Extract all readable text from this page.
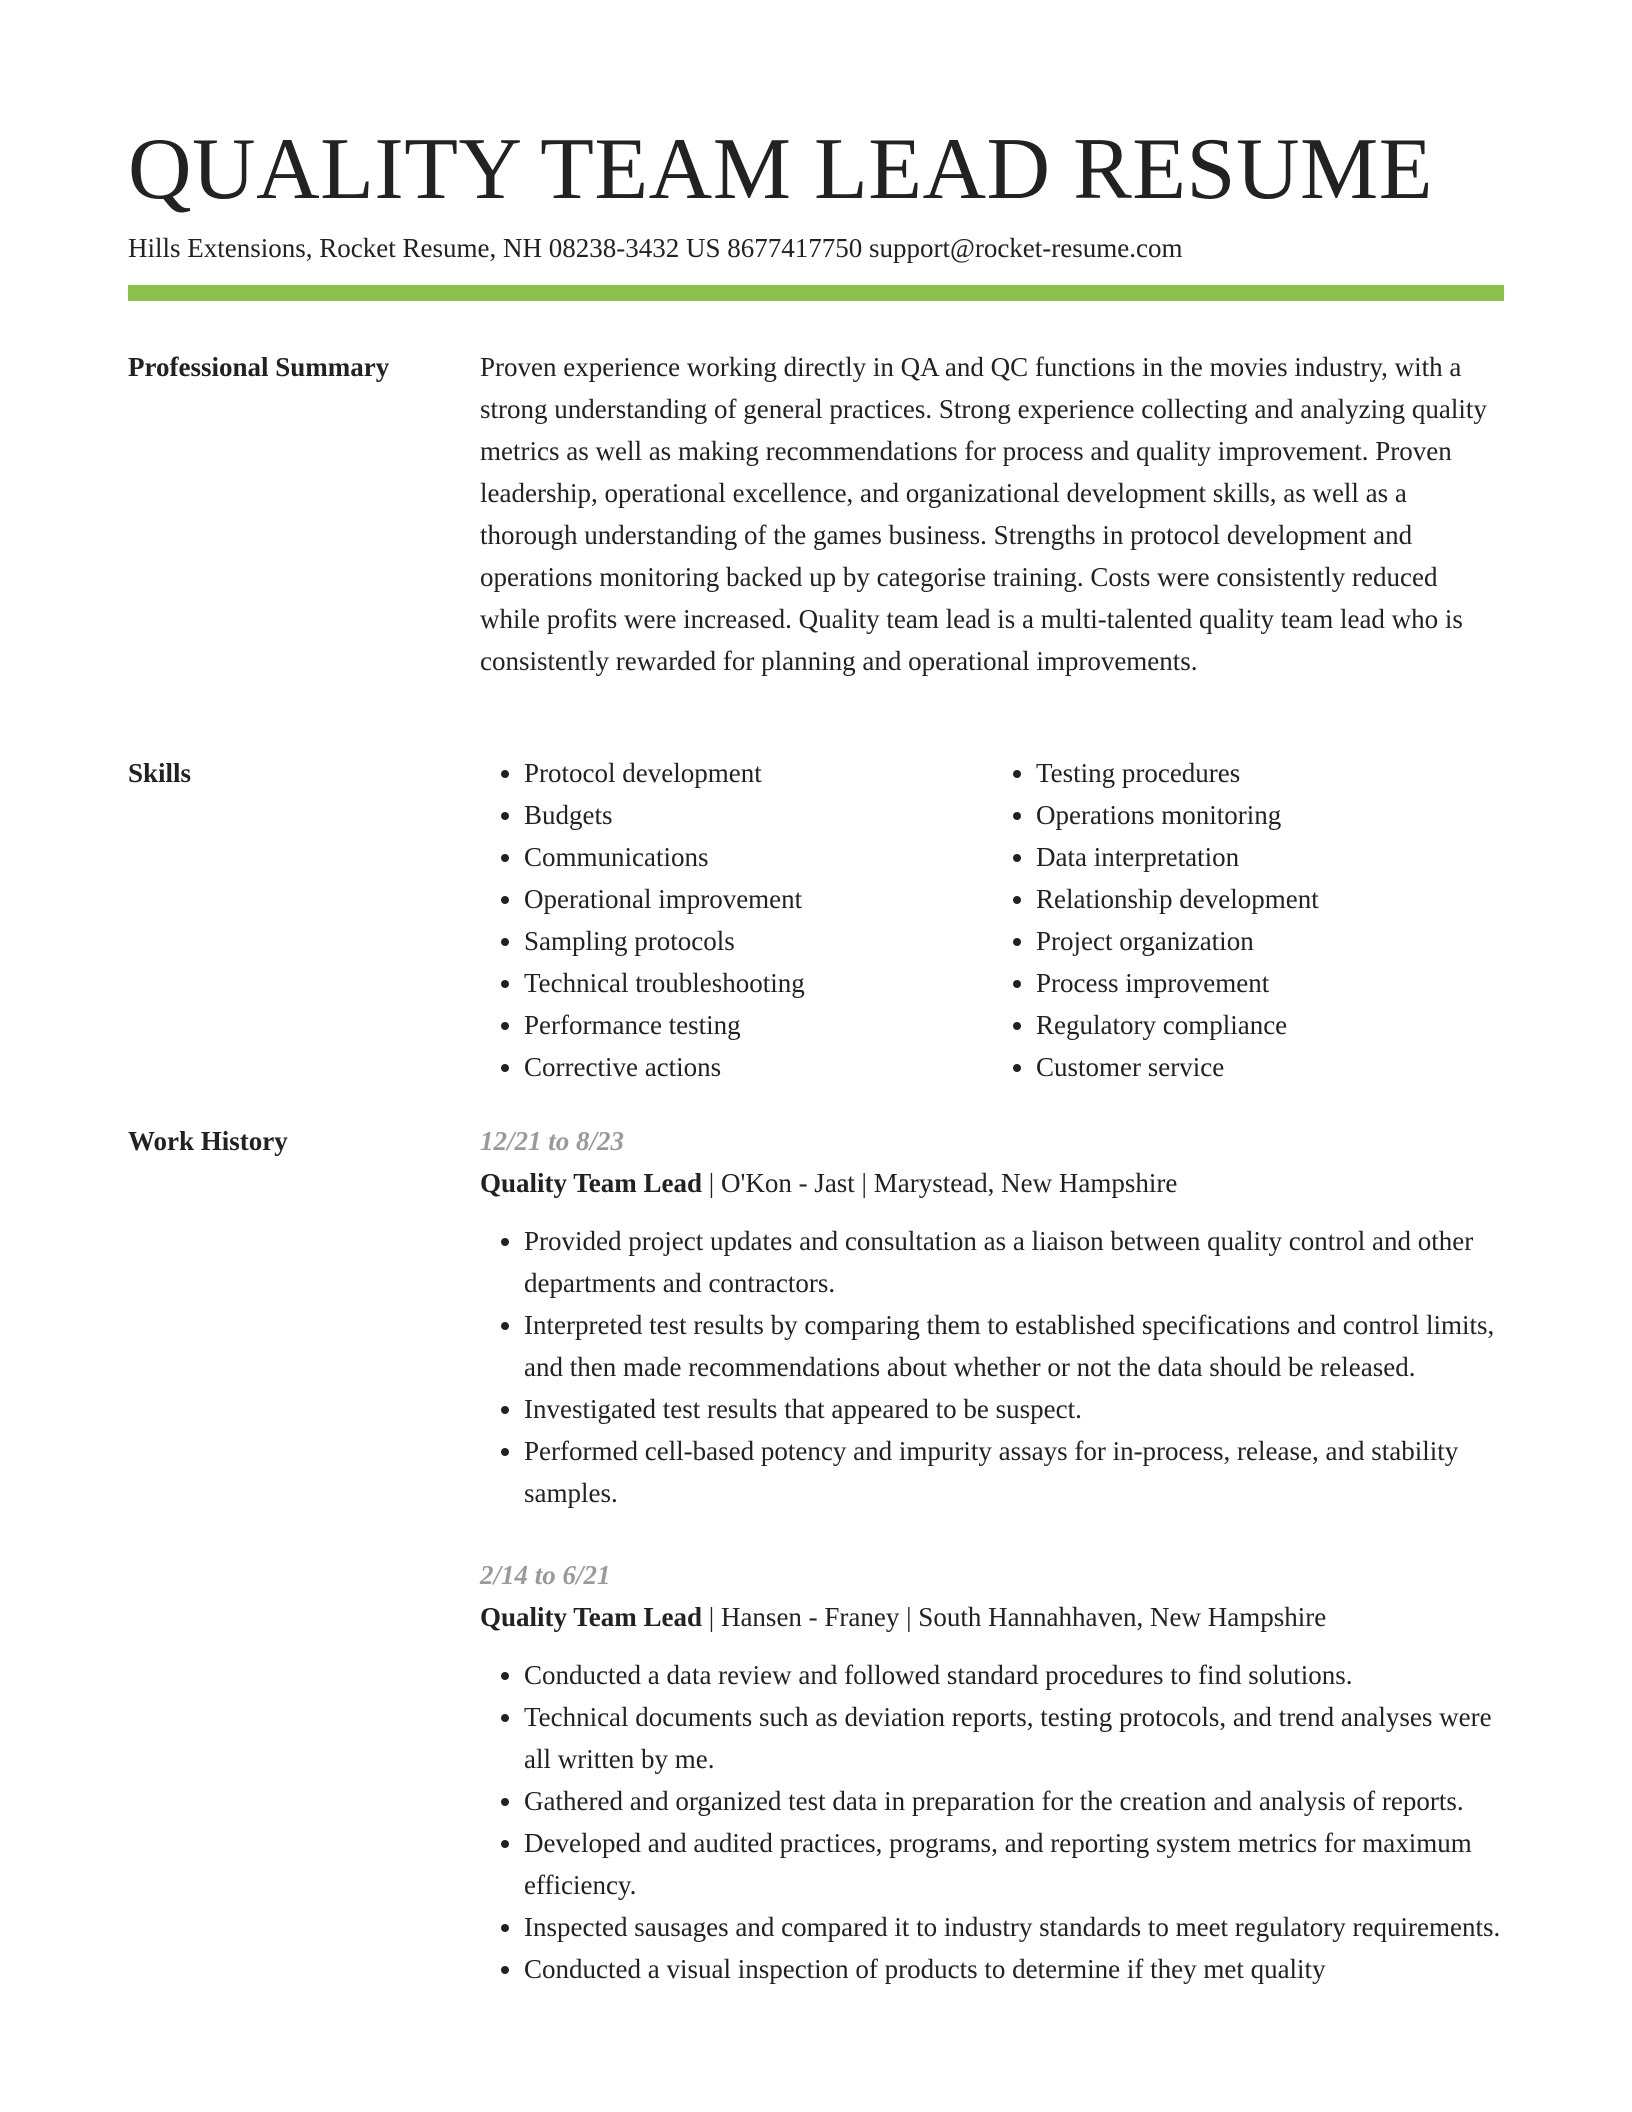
QUALITY TEAM LEAD RESUME
Hills Extensions, Rocket Resume, NH 08238-3432 US 8677417750 support@rocket-resume.com
Professional Summary	Proven experience working directly in QA and QC functions in the movies industry, with a strong understanding of general practices. Strong experience collecting and analyzing quality metrics as well as making recommendations for process and quality improvement. Proven leadership, operational excellence, and organizational development skills, as well as a thorough understanding of the games business. Strengths in protocol development and operations monitoring backed up by categorise training. Costs were consistently reduced while profits were increased. Quality team lead is a multi-talented quality team lead who is consistently rewarded for planning and operational improvements.

Skills
•	Protocol development
• Budgets
• Communications
• Operational improvement
• Sampling protocols
• Technical troubleshooting
• Performance testing
• Corrective actions
• Testing procedures
• Operations monitoring
• Data interpretation
• Relationship development
• Project organization
• Process improvement
• Regulatory compliance
• Customer service
Work History	12/21 to 8/23
Quality Team Lead | O'Kon - Jast | Marystead, New Hampshire
• Provided project updates and consultation as a liaison between quality control and other departments and contractors.
• Interpreted test results by comparing them to established specifications and control limits, and then made recommendations about whether or not the data should be released.
• Investigated test results that appeared to be suspect.
• Performed cell-based potency and impurity assays for in-process, release, and stability samples.
2/14 to 6/21
Quality Team Lead | Hansen - Franey | South Hannahhaven, New Hampshire
• Conducted a data review and followed standard procedures to find solutions.
• Technical documents such as deviation reports, testing protocols, and trend analyses were all written by me.
• Gathered and organized test data in preparation for the creation and analysis of reports.
• Developed and audited practices, programs, and reporting system metrics for maximum efficiency.
• Inspected sausages and compared it to industry standards to meet regulatory requirements.
• Conducted a visual inspection of products to determine if they met quality
